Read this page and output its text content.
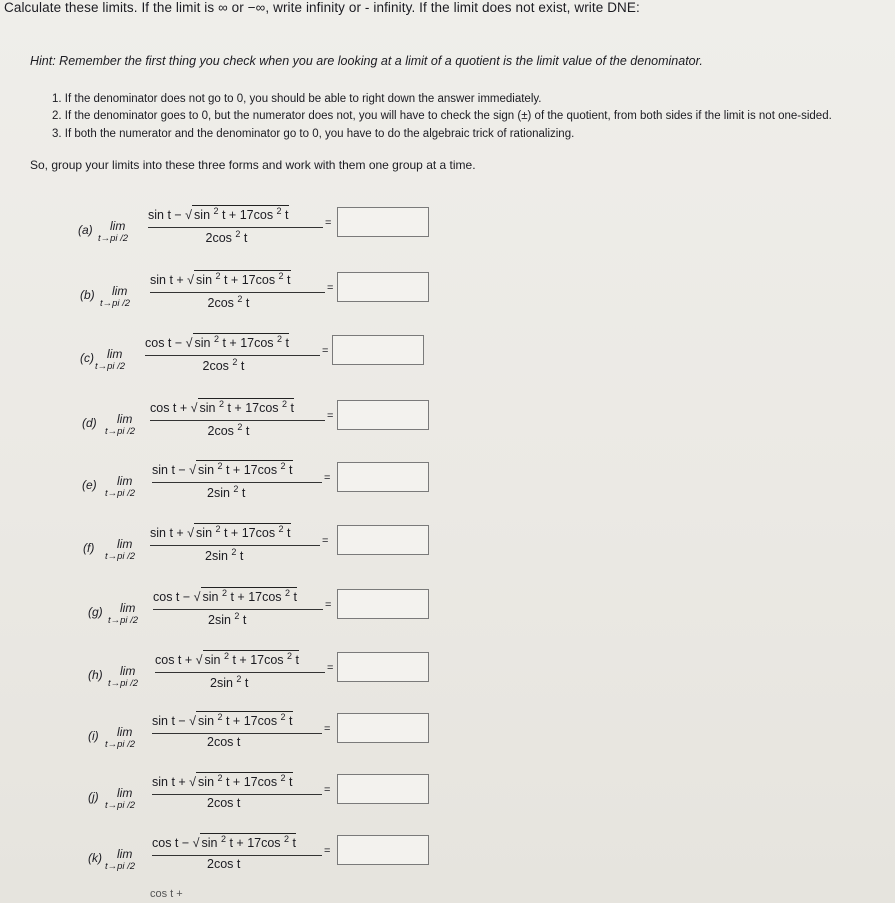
Calculate these limits. If the limit is ∞ or −∞, write infinity or - infinity. If the limit does not exist, write DNE:
Hint: Remember the first thing you check when you are looking at a limit of a quotient is the limit value of the denominator.
1. If the denominator does not go to 0, you should be able to right down the answer immediately.
2. If the denominator goes to 0, but the numerator does not, you will have to check the sign (±) of the quotient, from both sides if the limit is not one-sided.
3. If both the numerator and the denominator go to 0, you have to do the algebraic trick of rationalizing.
So, group your limits into these three forms and work with them one group at a time.
(a) lim
t→pi /2
sin t − √ sin $^2$ t + 17cos $^2$ t
2cos $^2$ t
=
(b) lim
t→pi /2
sin t + √ sin $^2$ t + 17cos $^2$ t
2cos $^2$ t
=
(c) lim
t→pi /2
cos t − √ sin $^2$ t + 17cos $^2$ t
2cos $^2$ t
=
(d) lim
t→pi /2
cos t + √ sin $^2$ t + 17cos $^2$ t
2cos $^2$ t
=
(e) lim
t→pi /2
sin t − √ sin $^2$ t + 17cos $^2$ t
2sin $^2$ t
=
(f) lim
t→pi /2
sin t + √ sin $^2$ t + 17cos $^2$ t
2sin $^2$ t
=
(g) lim
t→pi /2
cos t − √ sin $^2$ t + 17cos $^2$ t
2sin $^2$ t
=
(h) lim
t→pi /2
cos t + √ sin $^2$ t + 17cos $^2$ t
2sin $^2$ t
=
(i) lim
t→pi /2
sin t − √ sin $^2$ t + 17cos $^2$ t
2cos t
=
(j) lim
t→pi /2
sin t + √ sin $^2$ t + 17cos $^2$ t
2cos t
=
(k) lim
t→pi /2
cos t − √ sin $^2$ t + 17cos $^2$ t
2cos t
=
cos t +
